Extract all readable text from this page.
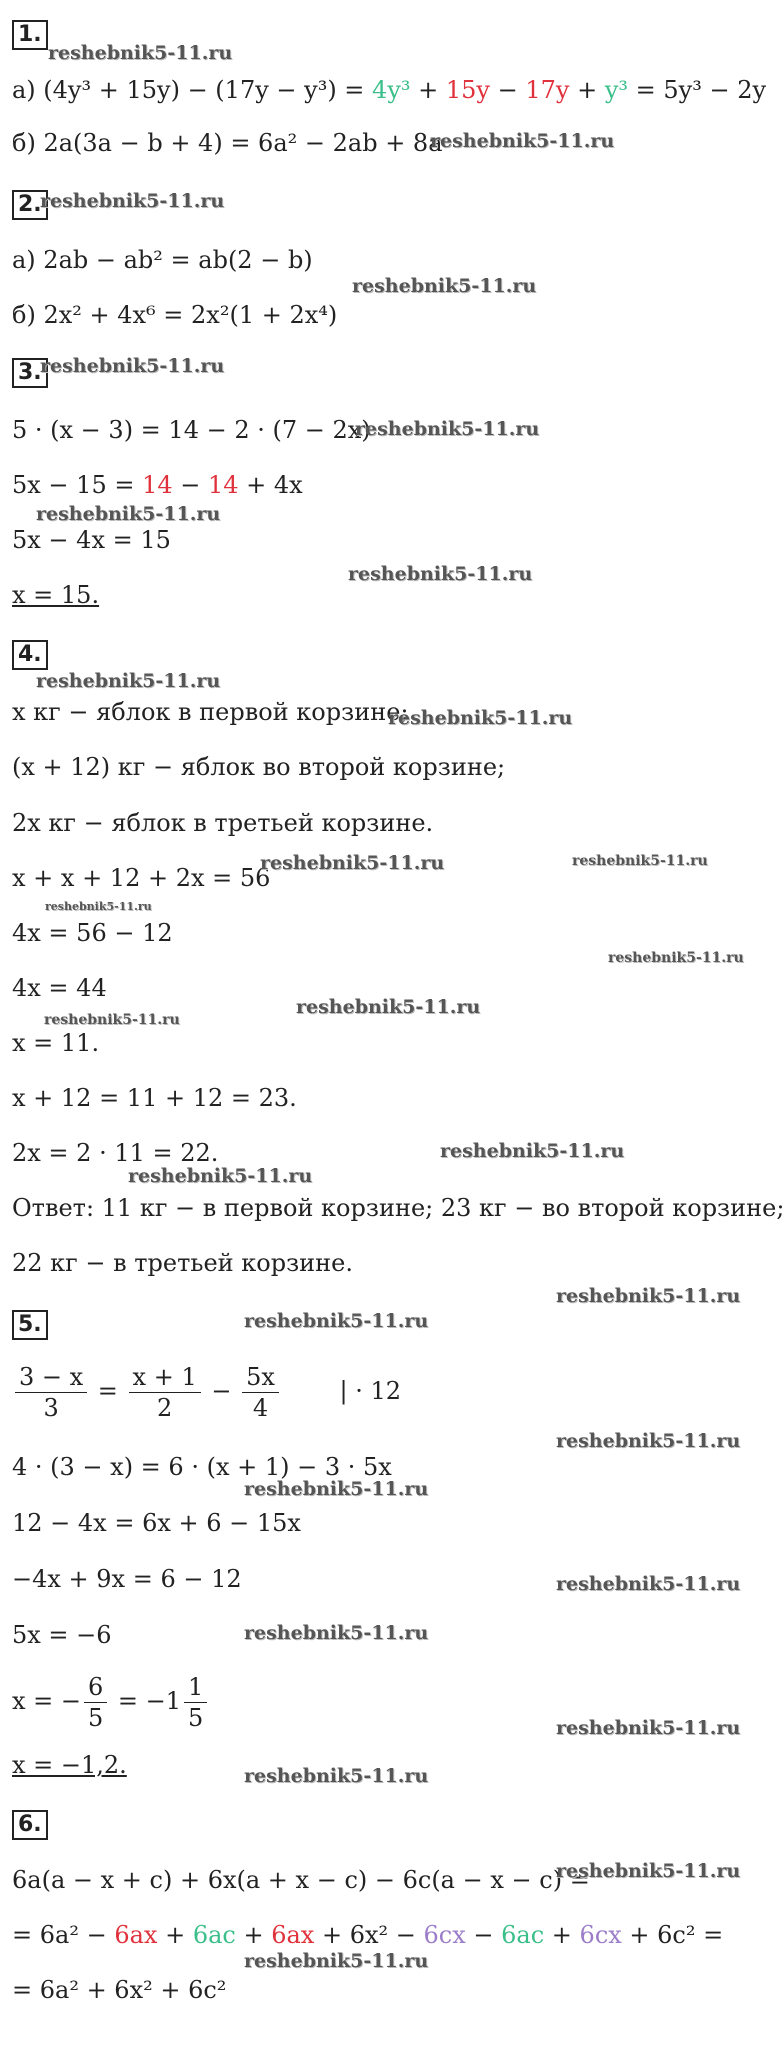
1.
а) (4y³ + 15y) − (17y − y³) = 4y³ + 15y − 17y + y³ = 5y³ − 2y
б) 2a(3a − b + 4) = 6a² − 2ab + 8a
2.
а) 2ab − ab² = ab(2 − b)
б) 2x² + 4x⁶ = 2x²(1 + 2x⁴)
3.
5 · (x − 3) = 14 − 2 · (7 − 2x)
5x − 15 = 14 − 14 + 4x
5x − 4x = 15
x = 15.
4.
x кг − яблок в первой корзине;
(x + 12) кг − яблок во второй корзине;
2x кг − яблок в третьей корзине.
x + x + 12 + 2x = 56
4x = 56 − 12
4x = 44
x = 11.
x + 12 = 11 + 12 = 23.
2x = 2 · 11 = 22.
Ответ: 11 кг − в первой корзине; 23 кг − во второй корзине;
22 кг − в третьей корзине.
5.
$\frac{3 - x}{3} = \frac{x + 1}{2} - \frac{5x}{4}$	| · 12
4 · (3 − x) = 6 · (x + 1) − 3 · 5x
12 − 4x = 6x + 6 − 15x
−4x + 9x = 6 − 12
5x = −6
x = − $\frac{6}{5} = -1 \frac{1}{5}$
x = −1,2.
6.
6a(a − x + c) + 6x(a + x − c) − 6c(a − x − c) =
= 6a² − 6ax + 6ac + 6ax + 6x² − 6cx − 6ac + 6cx + 6c² =
= 6a² + 6x² + 6c²
reshebnik5-11.ru
reshebnik5-11.ru
reshebnik5-11.ru
reshebnik5-11.ru
reshebnik5-11.ru
reshebnik5-11.ru
reshebnik5-11.ru
reshebnik5-11.ru
reshebnik5-11.ru
reshebnik5-11.ru
reshebnik5-11.ru	reshebnik5-11.ru
reshebnik5-11.ru
reshebnik5-11.ru
reshebnik5-11.ru
reshebnik5-11.ru
reshebnik5-11.ru
reshebnik5-11.ru
reshebnik5-11.ru
reshebnik5-11.ru
reshebnik5-11.ru
reshebnik5-11.ru
reshebnik5-11.ru
reshebnik5-11.ru
reshebnik5-11.ru
reshebnik5-11.ru
reshebnik5-11.ru
reshebnik5-11.ru
